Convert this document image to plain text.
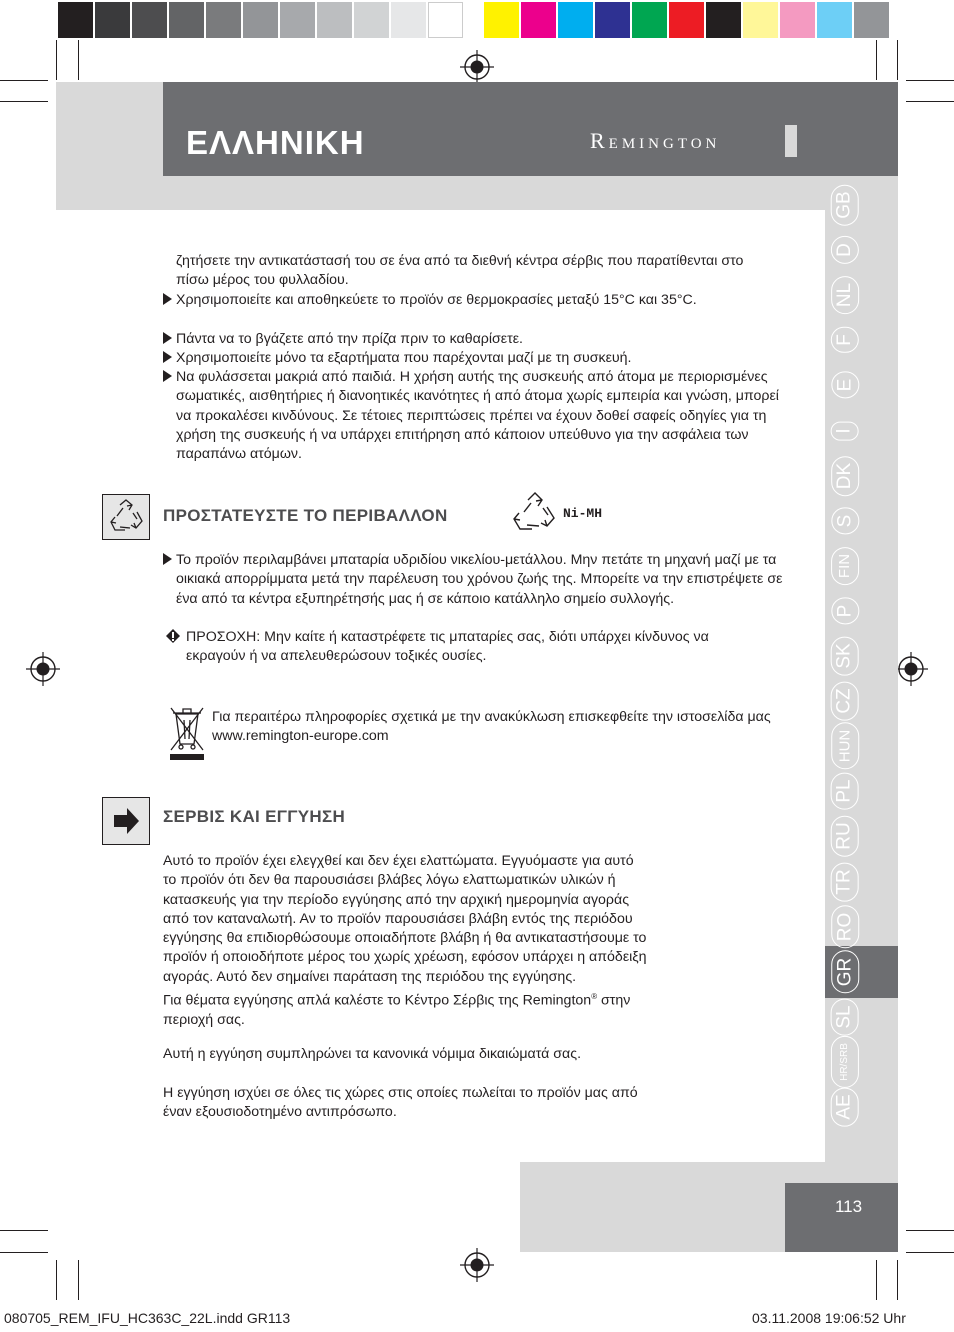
ΕΛΛΗΝΙΚΗ	Remington
GB
D
NL
F
E
I
DK
S
FIN
P
SK
CZ
HUN
PL
RU
TR
RO
GR
SL
HR/SRB
AE
ζητήσετε την αντικατάστασή του σε ένα από τα διεθνή κέντρα σέρβις που παρατίθενται στο πίσω μέρος του φυλλαδίου.
Χρησιμοποιείτε και αποθηκεύετε το προϊόν σε θερμοκρασίες μεταξύ 15°C και 35°C.
Πάντα να το βγάζετε από την πρίζα πριν το καθαρίσετε.
Χρησιμοποιείτε μόνο τα εξαρτήματα που παρέχονται μαζί με τη συσκευή.
Να φυλάσσεται μακριά από παιδιά. Η χρήση αυτής της συσκευής από άτομα με περιορισμένες σωματικές, αισθητήριες ή διανοητικές ικανότητες ή από άτομα χωρίς εμπειρία και γνώση, μπορεί να προκαλέσει κινδύνους. Σε τέτοιες περιπτώσεις πρέπει να έχουν δοθεί σαφείς οδηγίες για τη χρήση της συσκευής ή να υπάρχει επιτήρηση από κάποιον υπεύθυνο για την ασφάλεια των παραπάνω ατόμων.
ΠΡΟΣΤΑΤΕΥΣΤΕ ΤΟ ΠΕΡΙΒΑΛΛΟΝ	Ni-MH
Το προϊόν περιλαμβάνει μπαταρία υδριδίου νικελίου-μετάλλου. Μην πετάτε τη μηχανή μαζί με τα οικιακά απορρίμματα μετά την παρέλευση του χρόνου ζωής της. Μπορείτε να την επιστρέψετε σε ένα από τα κέντρα εξυπηρέτησής μας ή σε κάποιο κατάλληλο σημείο συλλογής.
ΠΡΟΣΟΧΗ: Μην καίτε ή καταστρέφετε τις μπαταρίες σας, διότι υπάρχει κίνδυνος να εκραγούν ή να απελευθερώσουν τοξικές ουσίες.
Για περαιτέρω πληροφορίες σχετικά με την ανακύκλωση επισκεφθείτε την ιστοσελίδα μας www.remington-europe.com
ΣΕΡΒΙΣ ΚΑΙ ΕΓΓΥΗΣΗ
Αυτό το προϊόν έχει ελεγχθεί και δεν έχει ελαττώματα. Εγγυόμαστε για αυτό
το προϊόν ότι δεν θα παρουσιάσει βλάβες λόγω ελαττωματικών υλικών ή
κατασκευής για την περίοδο εγγύησης από την αρχική ημερομηνία αγοράς
από τον καταναλωτή. Αν το προϊόν παρουσιάσει βλάβη εντός της περιόδου
εγγύησης θα επιδιορθώσουμε οποιαδήποτε βλάβη ή θα αντικαταστήσουμε το
προϊόν ή οποιοδήποτε μέρος του χωρίς χρέωση, εφόσον υπάρχει η απόδειξη
αγοράς. Αυτό δεν σημαίνει παράταση της περιόδου της εγγύησης.
Για θέματα εγγύησης απλά καλέστε το Κέντρο Σέρβις της Remington® στην
περιοχή σας.
Αυτή η εγγύηση συμπληρώνει τα κανονικά νόμιμα δικαιώματά σας.
Η εγγύηση ισχύει σε όλες τις χώρες στις οποίες πωλείται το προϊόν μας από
έναν εξουσιοδοτημένο αντιπρόσωπο.
113
080705_REM_IFU_HC363C_22L.indd GR113	03.11.2008 19:06:52 Uhr
